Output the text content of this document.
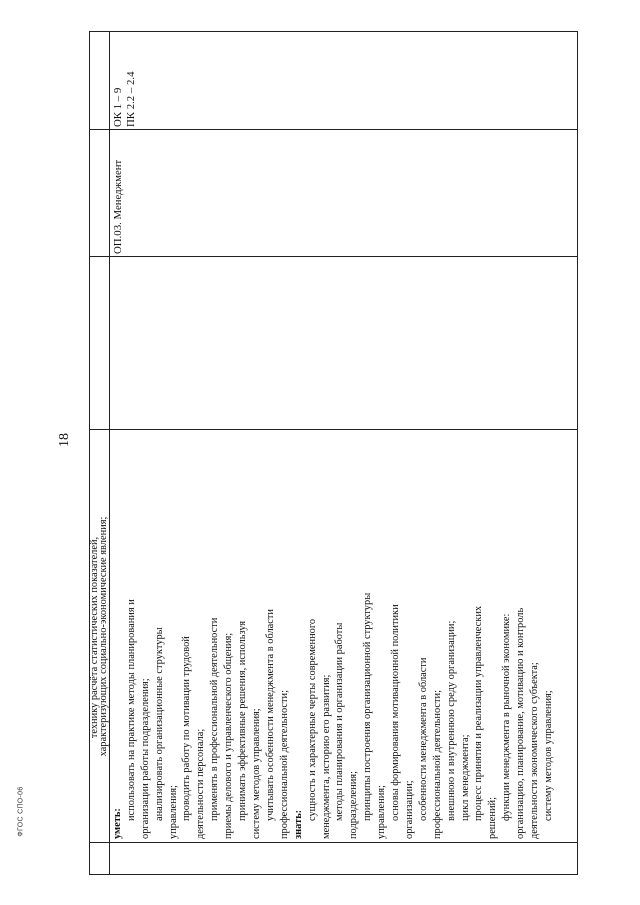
18
ФГОС СПО-06
технику расчёта статистических показателей,
характеризующих социально-экономические явления;
уметь:
использовать на практике методы планирования и организации работы подразделения; анализировать организационные структуры управления; проводить работу по мотивации трудовой деятельности персонала; применять в профессиональной деятельности приемы делового и управленческого общения; принимать эффективные решения, используя систему методов управления; учитывать особенности менеджмента в области профессиональной деятельности; знать:
сущность и характерные черты современного менеджмента, историю его развития; методы планирования и организации работы подразделения; принципы построения организационной структуры управления; основы формирования мотивационной политики организации; особенности менеджмента в области профессиональной деятельности; внешнюю и внутреннюю среду организации; цикл менеджмента; процесс принятия и реализации управленческих решений; функции менеджмента в рыночной экономике: организацию, планирование, мотивацию и контроль деятельности экономического субъекта; систему методов управления;
ОП.03. Менеджмент
ОК 1 – 9 ПК 2.2 – 2.4
